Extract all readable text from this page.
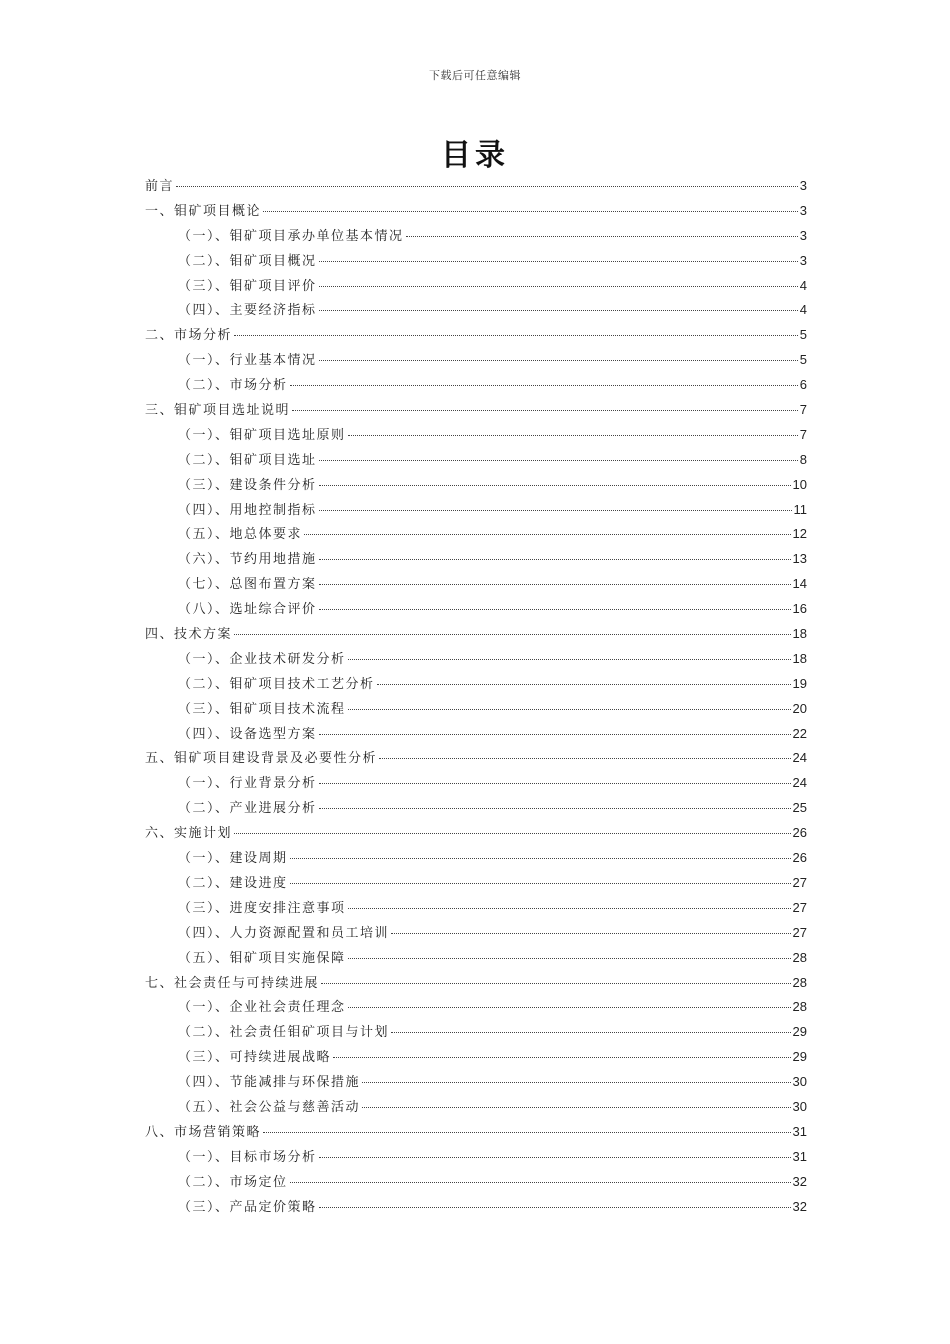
下载后可任意编辑
目录
前言	3
一、钼矿项目概论	3
（一）、钼矿项目承办单位基本情况	3
（二）、钼矿项目概况	3
（三）、钼矿项目评价	4
（四）、主要经济指标	4
二、市场分析	5
（一）、行业基本情况	5
（二）、市场分析	6
三、钼矿项目选址说明	7
（一）、钼矿项目选址原则	7
（二）、钼矿项目选址	8
（三）、建设条件分析	10
（四）、用地控制指标	11
（五）、地总体要求	12
（六）、节约用地措施	13
（七）、总图布置方案	14
（八）、选址综合评价	16
四、技术方案	18
（一）、企业技术研发分析	18
（二）、钼矿项目技术工艺分析	19
（三）、钼矿项目技术流程	20
（四）、设备选型方案	22
五、钼矿项目建设背景及必要性分析	24
（一）、行业背景分析	24
（二）、产业进展分析	25
六、实施计划	26
（一）、建设周期	26
（二）、建设进度	27
（三）、进度安排注意事项	27
（四）、人力资源配置和员工培训	27
（五）、钼矿项目实施保障	28
七、社会责任与可持续进展	28
（一）、企业社会责任理念	28
（二）、社会责任钼矿项目与计划	29
（三）、可持续进展战略	29
（四）、节能减排与环保措施	30
（五）、社会公益与慈善活动	30
八、市场营销策略	31
（一）、目标市场分析	31
（二）、市场定位	32
（三）、产品定价策略	32
